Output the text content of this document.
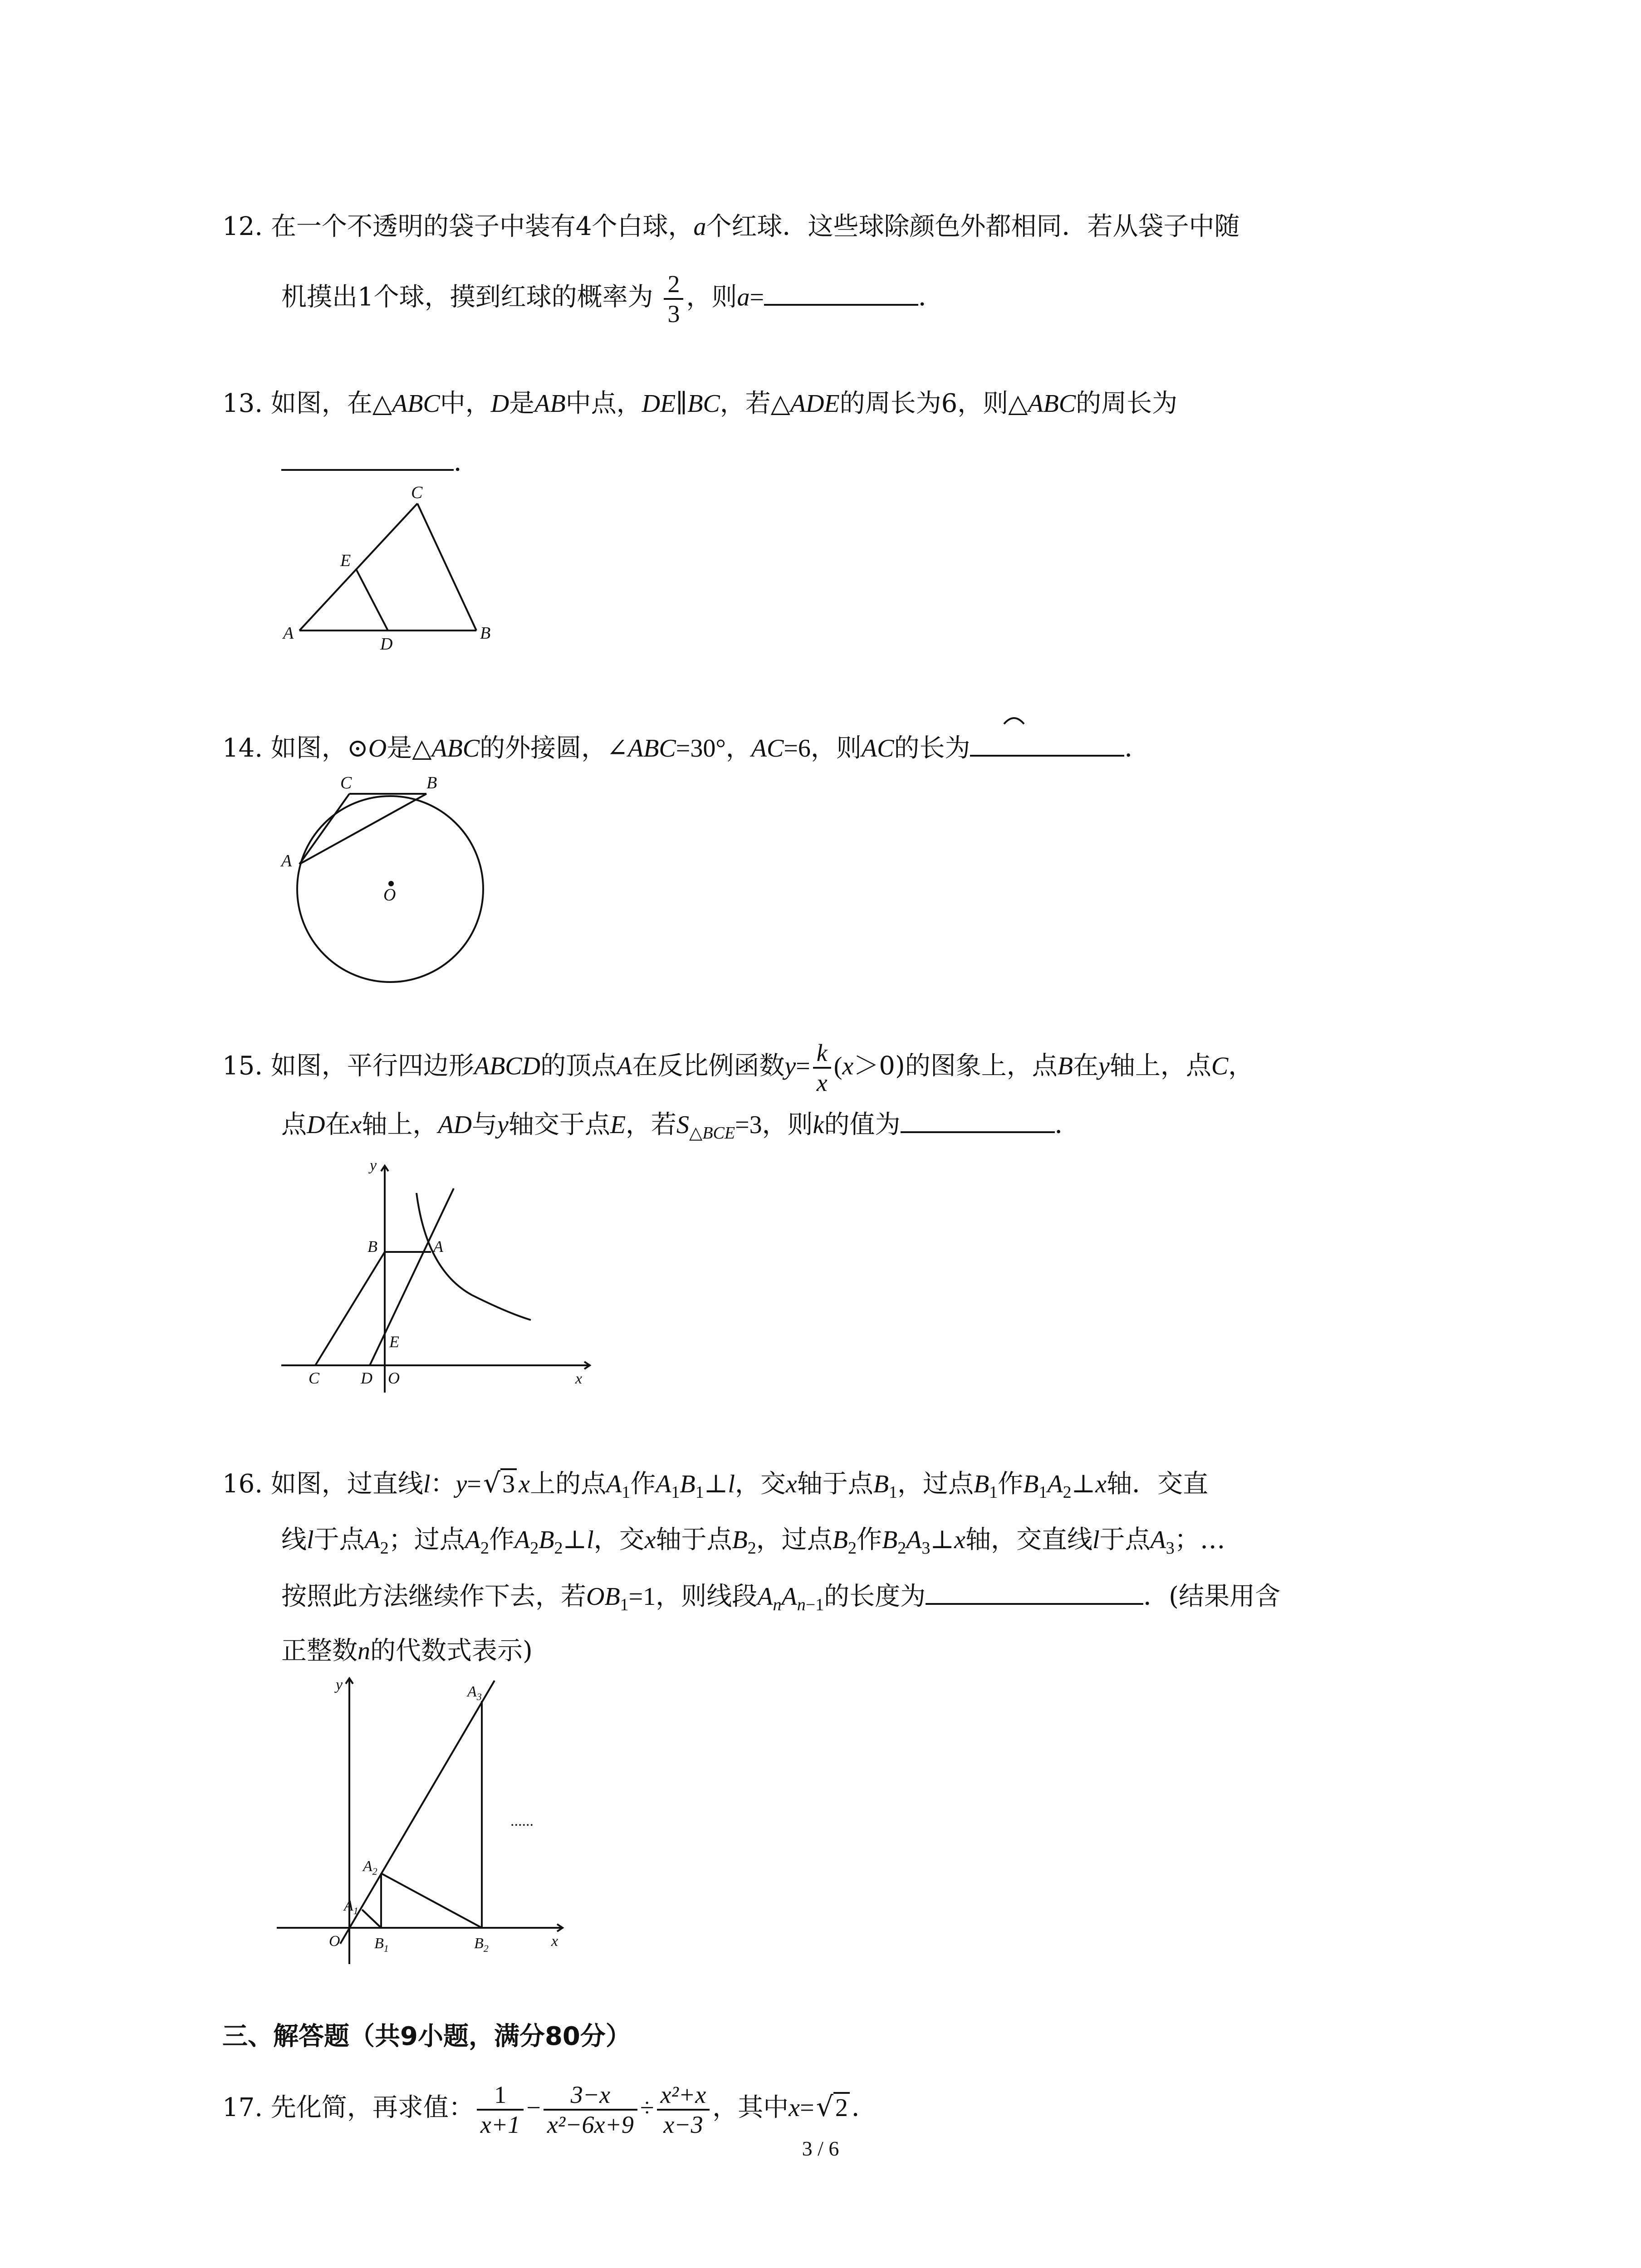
12. 在一个不透明的袋子中装有4个白球，a个红球．这些球除颜色外都相同．若从袋子中随
机摸出1个球，摸到红球的概率为 $\frac{2}{3}$ ，则a=	．
13. 如图，在△ABC中，D是AB中点，DE∥BC，若△ADE的周长为6，则△ABC的周长为
．
C
E
A
D
B
14. 如图，⊙O是△ABC的外接圆，∠ABC=30°，AC=6，则AC的长为	．
C	B
A
O
15. 如图，平行四边形ABCD的顶点A在反比例函数$y= \frac{k}{x} (x>0)$的图象上，点B在y轴上，点C，
点D在x轴上，AD与y轴交于点E，若$S_{\triangle BCE}=3$，则k的值为	．
y
B	A
E
C	D O	x
16. 如图，过直线l：y=√3 x上的点$A_1$作$A_1B_1\perp l$，交x轴于点$B_1$，过点$B_1$作$B_1A_2\perp x$轴．交直
线l于点$A_2$；过点$A_2$作$A_2B_2\perp l$，交x轴于点$B_2$，过点$B_2$作$B_2A_3\perp x$轴，交直线l于点$A_3$；…
按照此方法继续作下去，若$OB_1=1$，则线段$A_nA_{n-1}$的长度为	．(结果用含
正整数n的代数式表示)
y	$A_3$
......
$A_2$
$A_1$
O $B_1$	$B_2$	x
三、解答题（共9小题，满分80分）
17. 先化简，再求值： $\frac{1}{x+1} - \frac{3-x}{\text{x²−6x+9}} \div \frac{\text{x²+x}}{x-3}$ ，其中x=√2 ．
3 / 6
